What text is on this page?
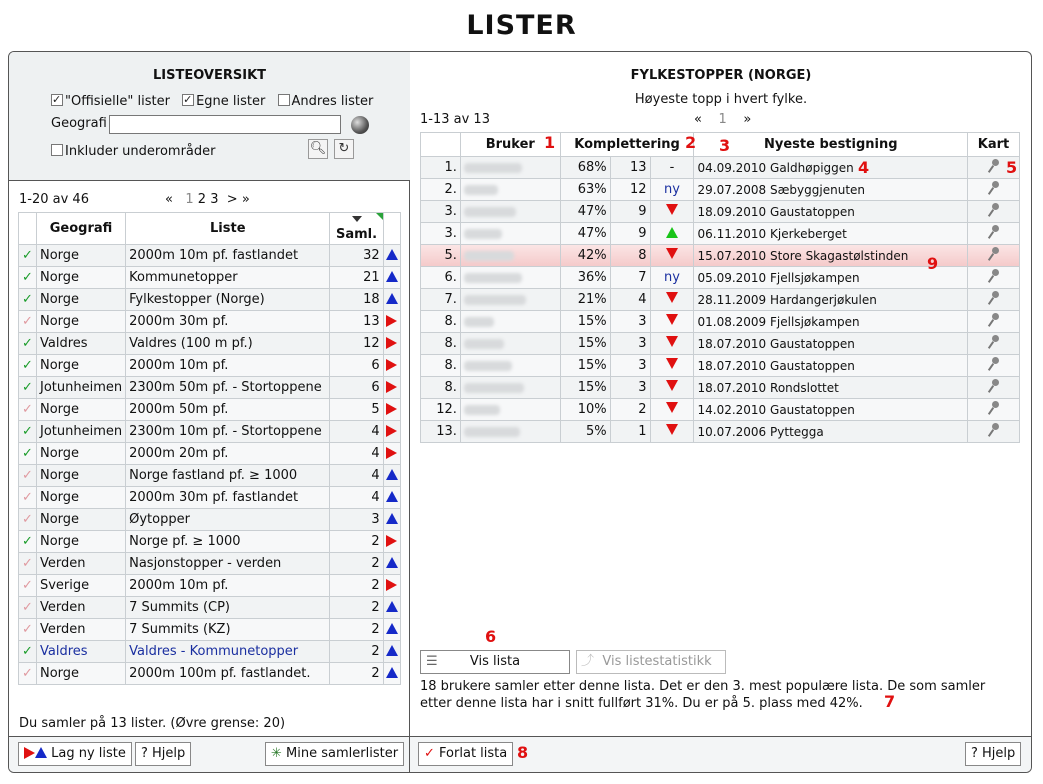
LISTER
LISTEOVERSIKT
✓"Offisielle" lister ✓ Egne lister Andres lister
Geografi
Inkluder underområder	🔍︎ ↻
1-20 av 46	« 1 2 3 > »
	Geografi	Liste	Saml.	

✓	Norge	2000m 10m pf. fastlandet	32	
✓	Norge	Kommunetopper	21	
✓	Norge	Fylkestopper (Norge)	18	
✓	Norge	2000m 30m pf.	13	
✓	Valdres	Valdres (100 m pf.)	12	
✓	Norge	2000m 10m pf.	6	
✓	Jotunheimen	2300m 50m pf. - Stortoppene	6	
✓	Norge	2000m 50m pf.	5	
✓	Jotunheimen	2300m 10m pf. - Stortoppene	4	
✓	Norge	2000m 20m pf.	4	
✓	Norge	Norge fastland pf. ≥ 1000	4	
✓	Norge	2000m 30m pf. fastlandet	4	
✓	Norge	Øytopper	3	
✓	Norge	Norge pf. ≥ 1000	2	
✓	Verden	Nasjonstopper - verden	2	
✓	Sverige	2000m 10m pf.	2	
✓	Verden	7 Summits (CP)	2	
✓	Verden	7 Summits (KZ)	2	
✓	Valdres	Valdres - Kommunetopper	2	
✓	Norge	2000m 100m pf. fastlandet.	2	
Du samler på 13 lister. (Øvre grense: 20)
Lag ny liste	? Hjelp	✳ Mine samlerlister
FYLKESTOPPER (NORGE)
Høyeste topp i hvert fylke.
1-13 av 13	« 1 »
	Bruker	Komplettering			Nyeste bestigning	Kart
1.		68%	13	-	04.09.2010 Galdhøpiggen	
2.		63%	12	ny	29.07.2008 Sæbyggjenuten	
3.		47%	9		18.09.2010 Gaustatoppen	
3.		47%	9		06.11.2010 Kjerkeberget	
5.		42%	8		15.07.2010 Store Skagastølstinden	
6.		36%	7	ny	05.09.2010 Fjellsjøkampen	
7.		21%	4		28.11.2009 Hardangerjøkulen	
8.		15%	3		01.08.2009 Fjellsjøkampen	
8.		15%	3		18.07.2010 Gaustatoppen	
8.		15%	3		18.07.2010 Gaustatoppen	
8.		15%	3		18.07.2010 Rondslottet	
12.		10%	2		14.02.2010 Gaustatoppen	
13.		5%	1		10.07.2006 Pyttegga	
☰ Vis lista	⤴ Vis listestatistikk
18 brukere samler etter denne lista. Det er den 3. mest populære lista. De som samler etter denne lista har i snitt fullført 31%. Du er på 5. plass med 42%.
✓ Forlat lista	? Hjelp
1	2 3
4	5
6
7
8
9
